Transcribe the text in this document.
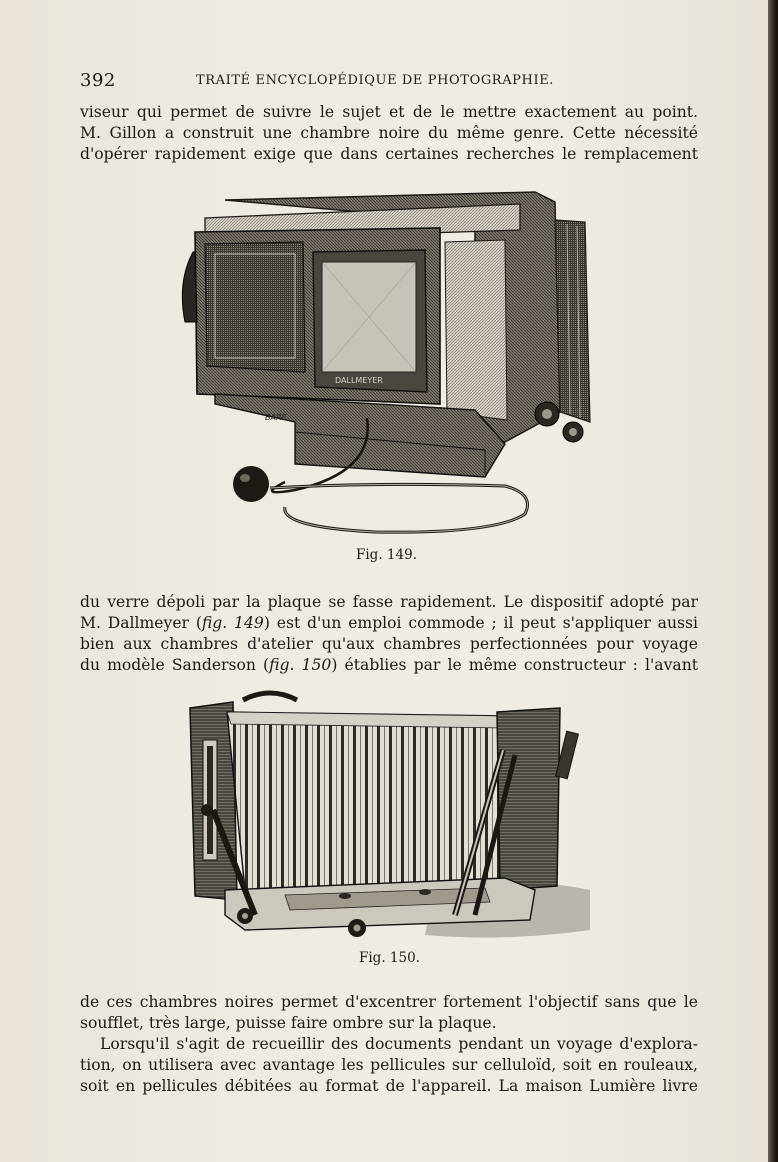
392	TRAITÉ ENCYCLOPÉDIQUE DE PHOTOGRAPHIE.
viseur qui permet de suivre le sujet et de le mettre exactement au point.
M. Gillon a construit une chambre noire du même genre. Cette nécessité
d'opérer rapidement exige que dans certaines recherches le remplacement
DALLMEYER
BARE
Fig. 149.
du verre dépoli par la plaque se fasse rapidement. Le dispositif adopté par
M. Dallmeyer (fig. 149) est d'un emploi commode ; il peut s'appliquer aussi
bien aux chambres d'atelier qu'aux chambres perfectionnées pour voyage
du modèle Sanderson (fig. 150) établies par le même constructeur : l'avant
Fig. 150.
de ces chambres noires permet d'excentrer fortement l'objectif sans que le
soufflet, très large, puisse faire ombre sur la plaque.
Lorsqu'il s'agit de recueillir des documents pendant un voyage d'explora-
tion, on utilisera avec avantage les pellicules sur celluloïd, soit en rouleaux,
soit en pellicules débitées au format de l'appareil. La maison Lumière livre
